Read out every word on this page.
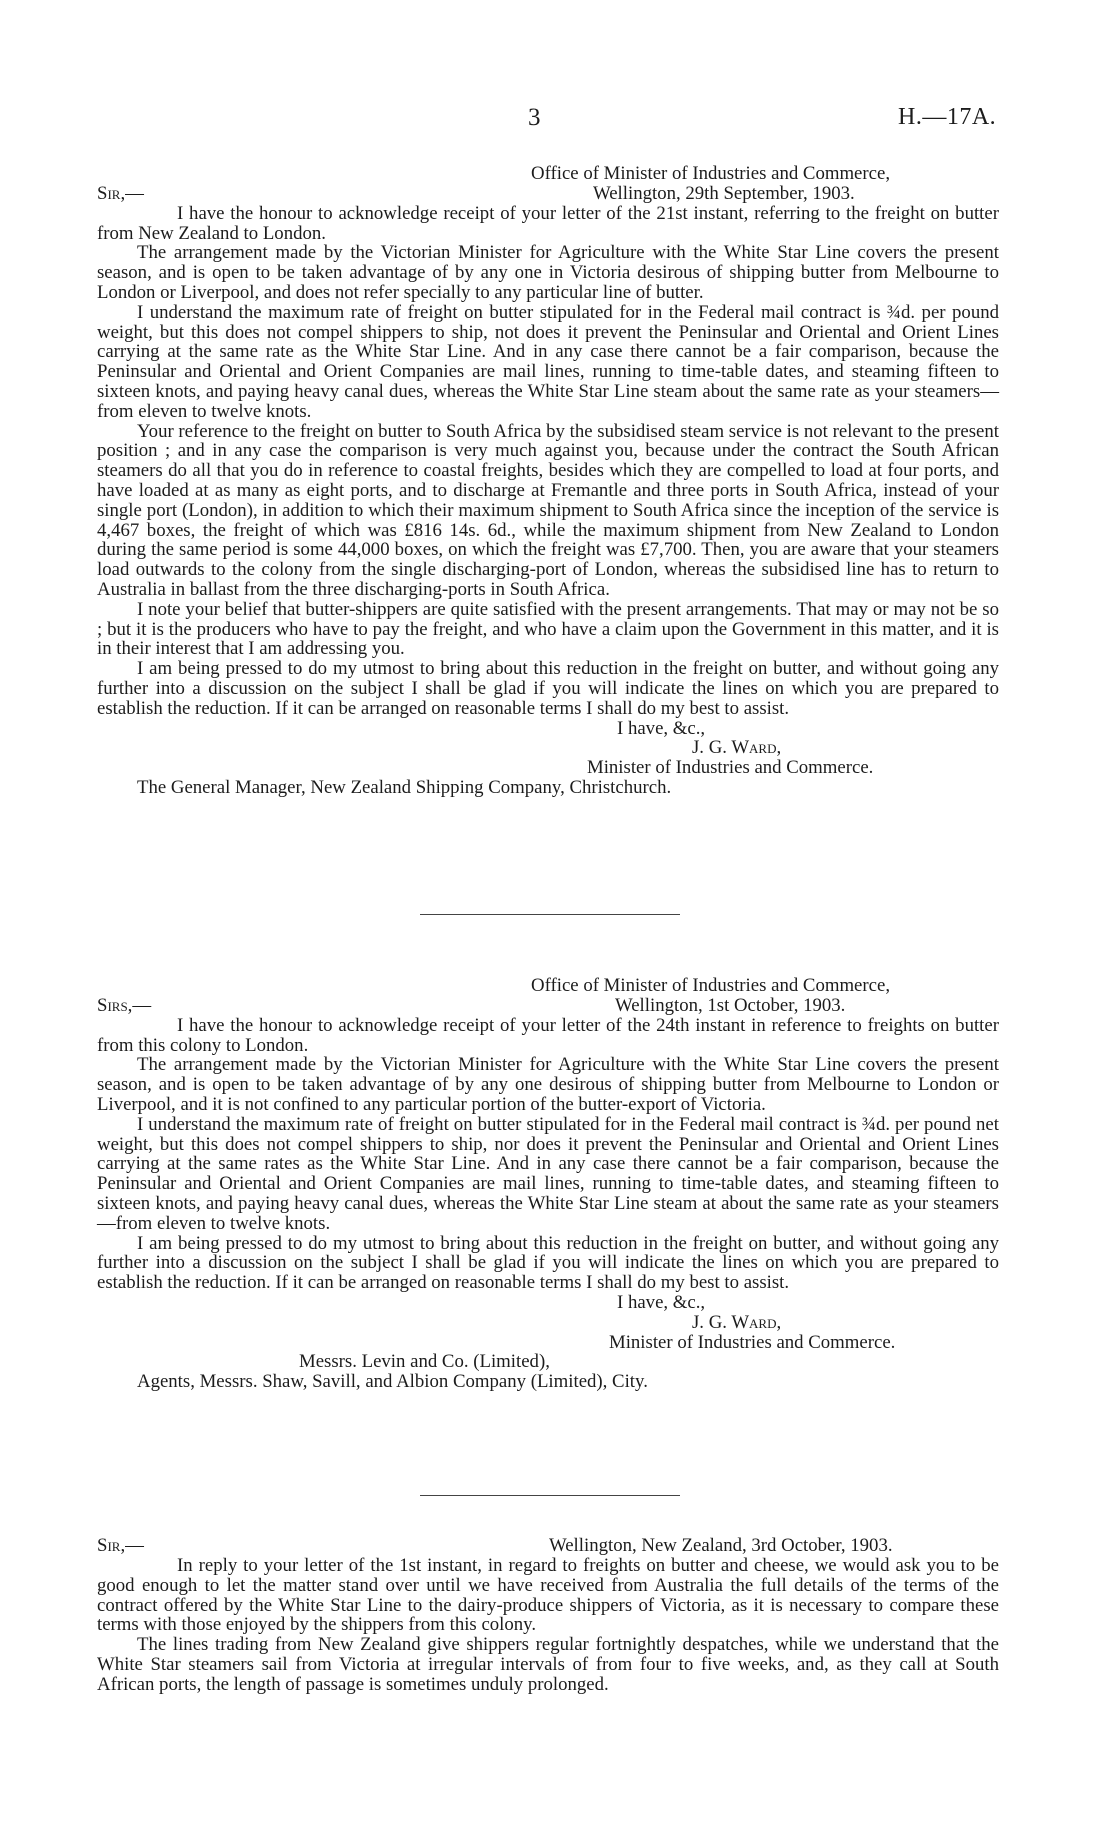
3	H.—17A.
Office of Minister of Industries and Commerce,
Sir,—	Wellington, 29th September, 1903.

I have the honour to acknowledge receipt of your letter of the 21st instant, referring to the freight on butter from New Zealand to London.

The arrangement made by the Victorian Minister for Agriculture with the White Star Line covers the present season, and is open to be taken advantage of by any one in Victoria desirous of shipping butter from Melbourne to London or Liverpool, and does not refer specially to any particular line of butter.

I understand the maximum rate of freight on butter stipulated for in the Federal mail contract is ¾d. per pound weight, but this does not compel shippers to ship, not does it prevent the Peninsular and Oriental and Orient Lines carrying at the same rate as the White Star Line. And in any case there cannot be a fair comparison, because the Peninsular and Oriental and Orient Companies are mail lines, running to time-table dates, and steaming fifteen to sixteen knots, and paying heavy canal dues, whereas the White Star Line steam about the same rate as your steamers—from eleven to twelve knots.

Your reference to the freight on butter to South Africa by the subsidised steam service is not relevant to the present position ; and in any case the comparison is very much against you, because under the contract the South African steamers do all that you do in reference to coastal freights, besides which they are compelled to load at four ports, and have loaded at as many as eight ports, and to discharge at Fremantle and three ports in South Africa, instead of your single port (London), in addition to which their maximum shipment to South Africa since the inception of the service is 4,467 boxes, the freight of which was £816 14s. 6d., while the maximum shipment from New Zealand to London during the same period is some 44,000 boxes, on which the freight was £7,700. Then, you are aware that your steamers load outwards to the colony from the single discharging-port of London, whereas the subsidised line has to return to Australia in ballast from the three discharging-ports in South Africa.

I note your belief that butter-shippers are quite satisfied with the present arrangements. That may or may not be so ; but it is the producers who have to pay the freight, and who have a claim upon the Government in this matter, and it is in their interest that I am addressing you.

I am being pressed to do my utmost to bring about this reduction in the freight on butter, and without going any further into a discussion on the subject I shall be glad if you will indicate the lines on which you are prepared to establish the reduction. If it can be arranged on reasonable terms I shall do my best to assist.

I have, &c.,
J. G. Ward,
Minister of Industries and Commerce.
The General Manager, New Zealand Shipping Company, Christchurch.
Office of Minister of Industries and Commerce,
Sirs,—	Wellington, 1st October, 1903.

I have the honour to acknowledge receipt of your letter of the 24th instant in reference to freights on butter from this colony to London.

The arrangement made by the Victorian Minister for Agriculture with the White Star Line covers the present season, and is open to be taken advantage of by any one desirous of shipping butter from Melbourne to London or Liverpool, and it is not confined to any particular portion of the butter-export of Victoria.

I understand the maximum rate of freight on butter stipulated for in the Federal mail contract is ¾d. per pound net weight, but this does not compel shippers to ship, nor does it prevent the Peninsular and Oriental and Orient Lines carrying at the same rates as the White Star Line. And in any case there cannot be a fair comparison, because the Peninsular and Oriental and Orient Companies are mail lines, running to time-table dates, and steaming fifteen to sixteen knots, and paying heavy canal dues, whereas the White Star Line steam at about the same rate as your steamers—from eleven to twelve knots.

I am being pressed to do my utmost to bring about this reduction in the freight on butter, and without going any further into a discussion on the subject I shall be glad if you will indicate the lines on which you are prepared to establish the reduction. If it can be arranged on reasonable terms I shall do my best to assist.

I have, &c.,
J. G. Ward,
Minister of Industries and Commerce.
Messrs. Levin and Co. (Limited),
Agents, Messrs. Shaw, Savill, and Albion Company (Limited), City.
Sir,—	Wellington, New Zealand, 3rd October, 1903.

In reply to your letter of the 1st instant, in regard to freights on butter and cheese, we would ask you to be good enough to let the matter stand over until we have received from Australia the full details of the terms of the contract offered by the White Star Line to the dairy-produce shippers of Victoria, as it is necessary to compare these terms with those enjoyed by the shippers from this colony.

The lines trading from New Zealand give shippers regular fortnightly despatches, while we understand that the White Star steamers sail from Victoria at irregular intervals of from four to five weeks, and, as they call at South African ports, the length of passage is sometimes unduly prolonged.
